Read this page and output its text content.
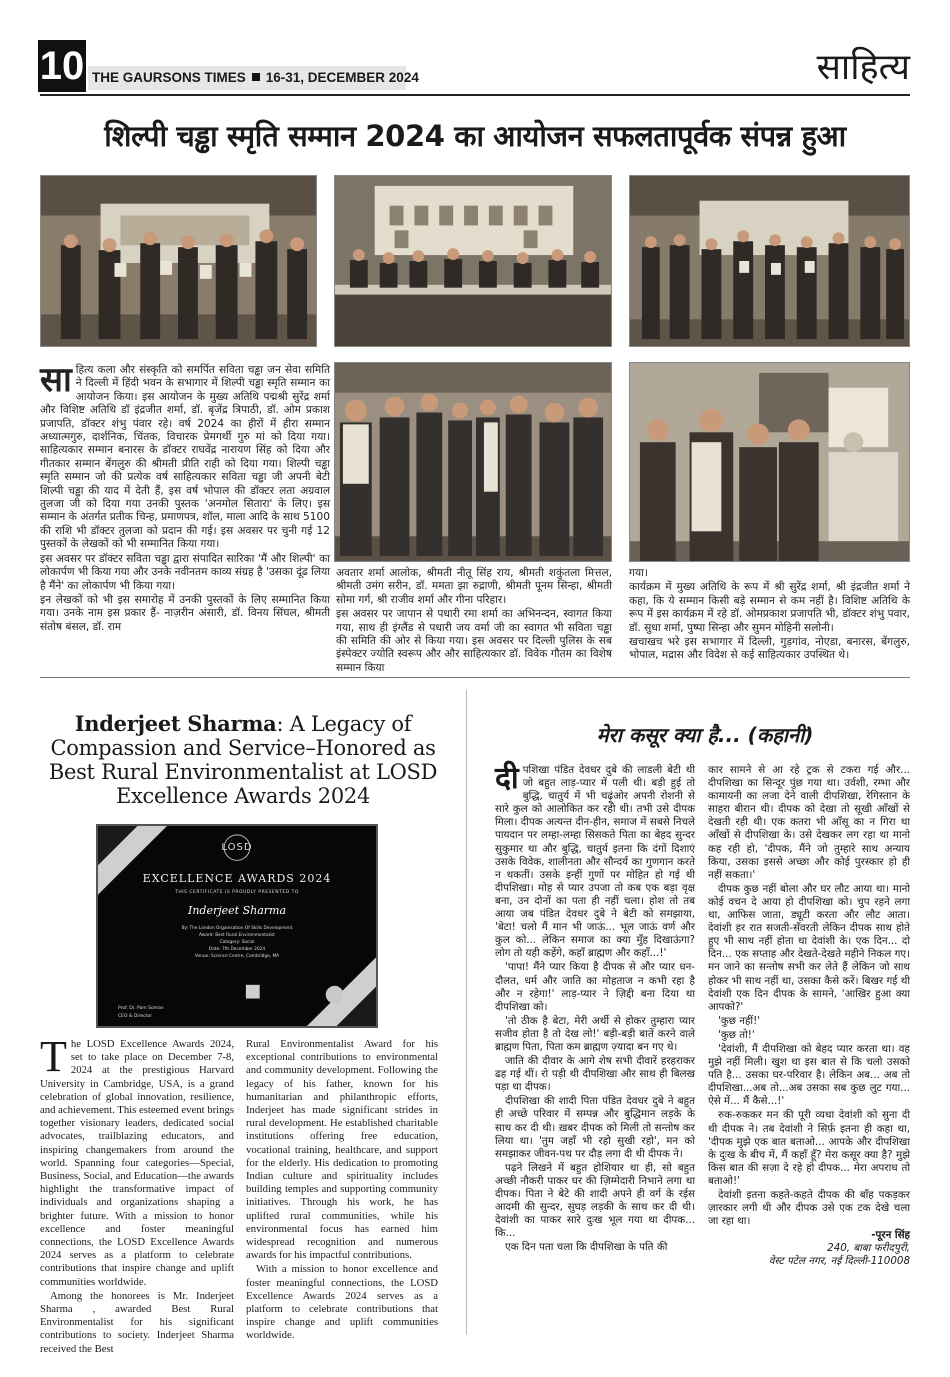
10 THE GAURSONS TIMES 16-31, DECEMBER 2024	साहित्य
शिल्पी चड्ढा स्मृति सम्मान 2024 का आयोजन सफलतापूर्वक संपन्न हुआ

साहित्य कला और संस्कृति को समर्पित सविता चड्ढा जन सेवा समिति ने दिल्ली में हिंदी भवन के सभागार में शिल्पी चड्ढा स्मृति सम्मान का आयोजन किया। इस आयोजन के मुख्य अतिथि पद्मश्री सुरेंद्र शर्मा और विशिष्ट अतिथि डॉ इंद्रजीत शर्मा, डॉ. बृजेंद्र त्रिपाठी, डॉ. ओम प्रकाश प्रजापति, डॉक्टर शंभु पंवार रहे। वर्ष 2024 का हीरों में हीरा सम्मान अध्यात्मगुरु, दार्शनिक, चिंतक, विचारक प्रेमगर्थी गुरु मां को दिया गया। साहित्यकार सम्मान बनारस के डॉक्टर राघवेंद्र नारायण सिंह को दिया और गीतकार सम्मान बेंगलुरु की श्रीमती प्रीति राही को दिया गया। शिल्पी चड्ढा स्मृति सम्मान जो की प्रत्येक वर्ष साहित्यकार सविता चड्ढा जी अपनी बेटी शिल्पी चड्ढा की याद में देती हैं, इस वर्ष भोपाल की डॉक्टर लता अग्रवाल तुलजा जी को दिया गया उनकी पुस्तक 'अनमोल सितारा' के लिए। इस सम्मान के अंतर्गत प्रतीक चिन्ह, प्रमाणपत्र, शॉल, माला आदि के साथ 5100 की राशि भी डॉक्टर तुलजा को प्रदान की गई। इस अवसर पर चुनी गई 12 पुस्तकों के लेखकों को भी सम्मानित किया गया।

इस अवसर पर डॉक्टर सविता चड्ढा द्वारा संपादित सारिका 'मैं और शिल्पी' का लोकार्पण भी किया गया और उनके नवीनतम काव्य संग्रह है 'उसका दूंढ लिया है मैंने' का लोकार्पण भी किया गया।

इन लेखकों को भी इस समारोह में उनकी पुस्तकों के लिए सम्मानित किया गया। उनके नाम इस प्रकार हैं- नाज़रीन अंसारी, डॉ. विनय सिंघल, श्रीमती संतोष बंसल, डॉ. राम

अवतार शर्मा आलोक, श्रीमती नीतू सिंह राय, श्रीमती शकुंतला मित्तल, श्रीमती उमंग सरीन, डॉ. ममता झा रुद्राणी, श्रीमती पूनम सिन्हा, श्रीमती सोमा गर्ग, श्री राजीव शर्मा और गीना परिहार।

इस अवसर पर जापान से पधारी रमा शर्मा का अभिनन्दन, स्वागत किया गया, साथ ही इंग्लैंड से पधारी जय वर्मा जी का स्वागत भी सविता चड्ढा की समिति की ओर से किया गया। इस अवसर पर दिल्ली पुलिस के सब इंस्पेक्टर ज्योति स्वरूप और और साहित्यकार डॉ. विवेक गौतम का विशेष सम्मान किया

गया।

कार्यक्रम में मुख्य अतिथि के रूप में श्री सुरेंद्र शर्मा, श्री इंद्रजीत शर्मा ने कहा, कि ये सम्मान किसी बड़े सम्मान से कम नहीं है। विशिष्ट अतिथि के रूप में इस कार्यक्रम में रहे डॉ. ओमप्रकाश प्रजापति भी, डॉक्टर शंभु पवार, डॉ. सुधा शर्मा, पुष्पा सिन्हा और सुमन मोहिनी सलोनी।

खचाखच भरे इस सभागार में दिल्ली, गुड़गांव, नोएडा, बनारस, बेंगलुरु, भोपाल, मद्रास और विदेश से कई साहित्यकार उपस्थित थे।

Inderjeet Sharma: A Legacy of Compassion and Service–Honored as Best Rural Environmentalist at LOSD Excellence Awards 2024
LOSD
EXCELLENCE AWARDS 2024
THIS CERTIFICATE IS PROUDLY PRESENTED TO
Inderjeet Sharma
By: The London Organisation Of Skills Development
Award: Best Rural Environmentalist
Category: Social
Date: 7th December 2024
Venue: Science Centre, Cambridge, MA
Prof. Dr. Pam Soman
CEO & Director

The LOSD Excellence Awards 2024, set to take place on December 7-8, 2024 at the prestigious Harvard University in Cambridge, USA, is a grand celebration of global innovation, resilience, and achievement. This esteemed event brings together visionary leaders, dedicated social advocates, trailblazing educators, and inspiring changemakers from around the world. Spanning four categories—Special, Business, Social, and Education—the awards highlight the transformative impact of individuals and organizations shaping a brighter future. With a mission to honor excellence and foster meaningful connections, the LOSD Excellence Awards 2024 serves as a platform to celebrate contributions that inspire change and uplift communities worldwide.

Among the honorees is Mr. Inderjeet Sharma , awarded Best Rural Environmentalist for his significant contributions to society. Inderjeet Sharma received the Best

Rural Environmentalist Award for his exceptional contributions to environmental and community development. Following the legacy of his father, known for his humanitarian and philanthropic efforts, Inderjeet has made significant strides in rural development. He established charitable institutions offering free education, vocational training, healthcare, and support for the elderly. His dedication to promoting Indian culture and spirituality includes building temples and supporting community initiatives. Through his work, he has uplifted rural communities, while his environmental focus has earned him widespread recognition and numerous awards for his impactful contributions.

With a mission to honor excellence and foster meaningful connections, the LOSD Excellence Awards 2024 serves as a platform to celebrate contributions that inspire change and uplift communities worldwide.

मेरा कसूर क्या है... (कहानी)

दीपशिखा पंडित देवधर दुबे की लाडली बेटी थी जो बहुत लाड़-प्यार में पली थी। बड़ी हुई तो बुद्धि, चातुर्य में भी चढ़ूंओर अपनी रोशनी से सारे कुल को आलोकित कर रही थी। तभी उसे दीपक मिला। दीपक अत्यन्त दीन-हीन, समाज में सबसे निचले पायदान पर लम्हा-लम्हा सिसकते पिता का बेहद सुन्दर सुकुमार था और बुद्धि, चातुर्य इतना कि दंगों दिशाएं उसके विवेक, शालीनता और सौन्दर्य का गुणगान करते न थकतीं। उसके इन्हीं गुणों पर मोहित हो गई थी दीपशिखा। मोह से प्यार उपजा तो कब एक बड़ा वृक्ष बना, उन दोनों का पता ही नहीं चला। होश तो तब आया जब पंडित देवधर दुबे ने बेटी को समझाया, 'बेटा! चलो मैं मान भी जाऊं... भूल जाऊं वर्ण और कुल को... लेकिन समाज का क्या मुँह दिखाऊंगा? लोग तो यही कहेंगे, कहाँ ब्राह्मण और कहाँ...!'

'पापा! मैंने प्यार किया है दीपक से और प्यार धन-दौलत, धर्म और जाति का मोहताज न कभी रहा है और न रहेगा!' लाड़-प्यार ने ज़िद्दी बना दिया था दीपशिखा को।

'तो ठीक है बेटा, मेरी अर्थी से होकर तुम्हारा प्यार सजीव होता है तो देख लो!' बड़ी-बड़ी बातें करने वाले ब्राह्मण पिता, पिता कम ब्राह्मण ज़्यादा बन गए थे।

जाति की दीवार के आगे शेष सभी दीवारें हरहराकर ढह गई थीं। रो पड़ी थी दीपशिखा और साथ ही बिलख पड़ा था दीपक।

दीपशिखा की शादी पिता पंडित देवधर दुबे ने बहुत ही अच्छे परिवार में सम्पन्न और बुद्धिमान लड़के के साथ कर दी थी। ख़बर दीपक को मिली तो सन्तोष कर लिया था। 'तुम जहाँ भी रहो सुखी रहो', मन को समझाकर जीवन-पथ पर दौड़ लगा दी थी दीपक ने।

पढ़ने लिखने में बहुत होशियार था ही, सो बहुत अच्छी नौकरी पाकर घर की ज़िम्मेदारी निभाने लगा था दीपक। पिता ने बेटे की शादी अपने ही वर्ग के रईस आदमी की सुन्दर, सुघड़ लड़की के साथ कर दी थी। देवांशी का पाकर सारे दुःख भूल गया था दीपक... कि...

एक दिन पता चला कि दीपशिखा के पति की

कार सामने से आ रहे ट्रक से टकरा गई और... दीपशिखा का सिन्दूर पुंछ गया था। उर्वशी, रम्भा और कामायनी का लजा देने वाली दीपशिखा, रेगिस्तान के साहरा बीरान थी। दीपक को देखा तो सूखी आँखों से देखती रही थी। एक कतरा भी आँसू का न गिरा था आँखों से दीपशिखा के। उसे देखकर लग रहा था मानो कह रही हो, 'दीपक, मैंने जो तुम्हारे साथ अन्याय किया, उसका इससे अच्छा और कोई पुरस्कार हो ही नहीं सकता।'

दीपक कुछ नहीं बोला और घर लौट आया था। मानो कोई वचन दे आया हो दीपशिखा को। चुप रहने लगा था, आफिस जाता, ड्यूटी करता और लौट आता। देवांशी हर रात सजती-सँवरती लेकिन दीपक साथ होते हुए भी साथ नहीं होता था देवांशी के। एक दिन... दो दिन... एक सप्ताह और देखते-देखते महीने निकल गए। मन जाने का सन्तोष सभी कर लेते हैं लेकिन जो साथ होकर भी साथ नहीं था, उसका कैसे करें। बिखर गई थी देवांशी एक दिन दीपक के सामने, 'आखिर हुआ क्या आपको?'

'कुछ नहीं!'

'कुछ तो!'

'देवांशी, मैं दीपशिखा को बेहद प्यार करता था। वह मुझे नहीं मिली। खुश था इस बात से कि चलो उसको पति है... उसका घर-परिवार है। लेकिन अब... अब तो दीपशिखा...अब तो...अब उसका सब कुछ लुट गया... ऐसे में... मैं कैसे...!'

रुक-रुककर मन की पूरी व्यथा देवांशी को सुना दी थी दीपक ने। तब देवांशी ने सिर्फ़ इतना ही कहा था, 'दीपक मुझे एक बात बताओ... आपके और दीपशिखा के दुःख के बीच में, मैं कहाँ हूँ? मेरा कसूर क्या है? मुझे किस बात की सज़ा दे रहे हो दीपक... मेरा अपराध तो बताओ!'

देवांशी इतना कहते-कहते दीपक की बाँह पकड़कर ज़ारकार लगी थी और दीपक उसे एक टक देखे चला जा रहा था।

-पूरन सिंह
240, बाबा फरीदपुरी,
वेस्ट पटेल नगर, नई दिल्ली-110008
